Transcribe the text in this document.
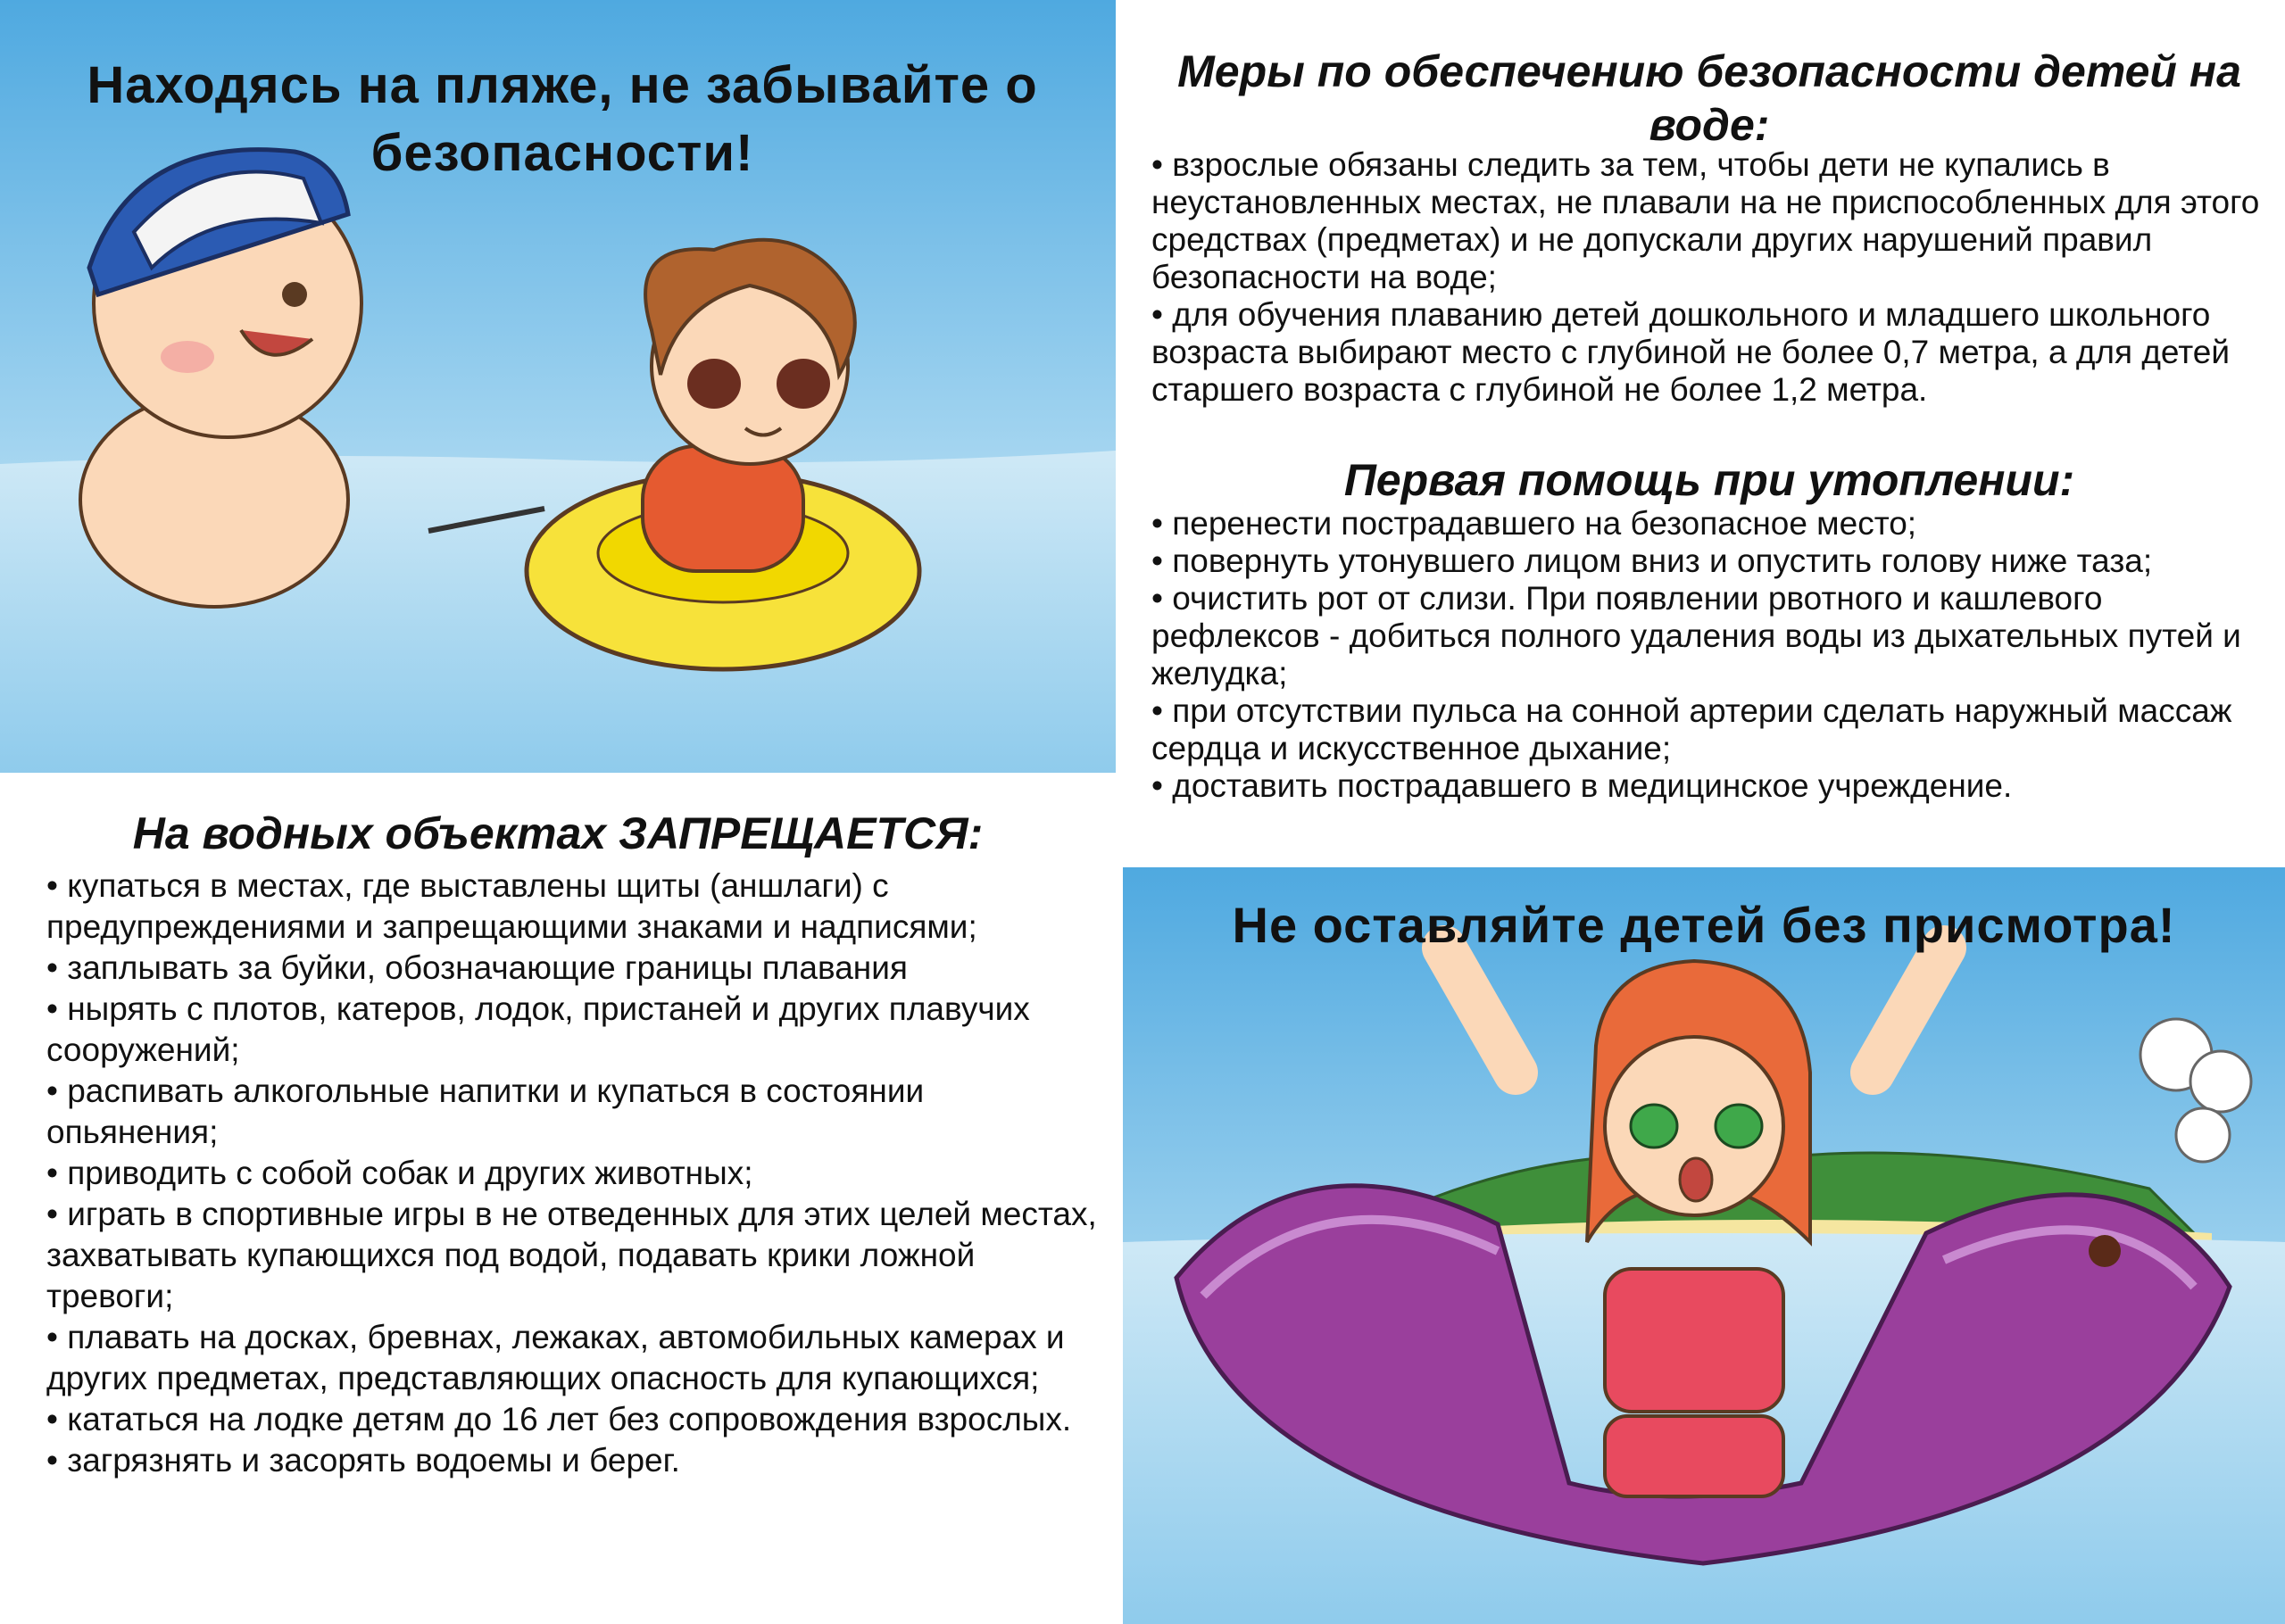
Находясь на пляже, не забывайте о безопасности!
Меры по обеспечению безопасности детей на воде:

• взрослые обязаны следить за тем, чтобы дети не купались в неустановленных местах, не плавали на не приспособленных для этого средствах (предметах) и не допускали других нарушений правил безопасности на воде;

• для обучения плаванию детей дошкольного и младшего школьного возраста выбирают место с глубиной не более 0,7 метра, а для детей старшего возраста с глубиной не более 1,2 метра.

Первая помощь при утоплении:

• перенести пострадавшего на безопасное место;

• повернуть утонувшего лицом вниз и опустить голову ниже таза;

• очистить рот от слизи. При появлении рвотного и кашлевого рефлексов - добиться полного удаления воды из дыхательных путей и желудка;

• при отсутствии пульса на сонной артерии сделать наружный массаж сердца и искусственное дыхание;

• доставить пострадавшего в медицинское учреждение.

На водных объектах ЗАПРЕЩАЕТСЯ:

• купаться в местах, где выставлены щиты (аншлаги) с предупреждениями и запрещающими знаками и надписями;

• заплывать за буйки, обозначающие границы плавания

• нырять с плотов, катеров, лодок, пристаней и других плавучих сооружений;

• распивать алкогольные напитки и купаться в состоянии опьянения;

• приводить с собой собак и других животных;

• играть в спортивные игры в не отведенных для этих целей местах, захватывать купающихся под водой, подавать крики ложной тревоги;

• плавать на досках, бревнах, лежаках, автомобильных камерах и других предметах, представляющих опасность для купающихся;

• кататься на лодке детям до 16 лет без сопровождения взрослых.

• загрязнять и засорять водоемы и берег.

Не оставляйте детей без присмотра!
